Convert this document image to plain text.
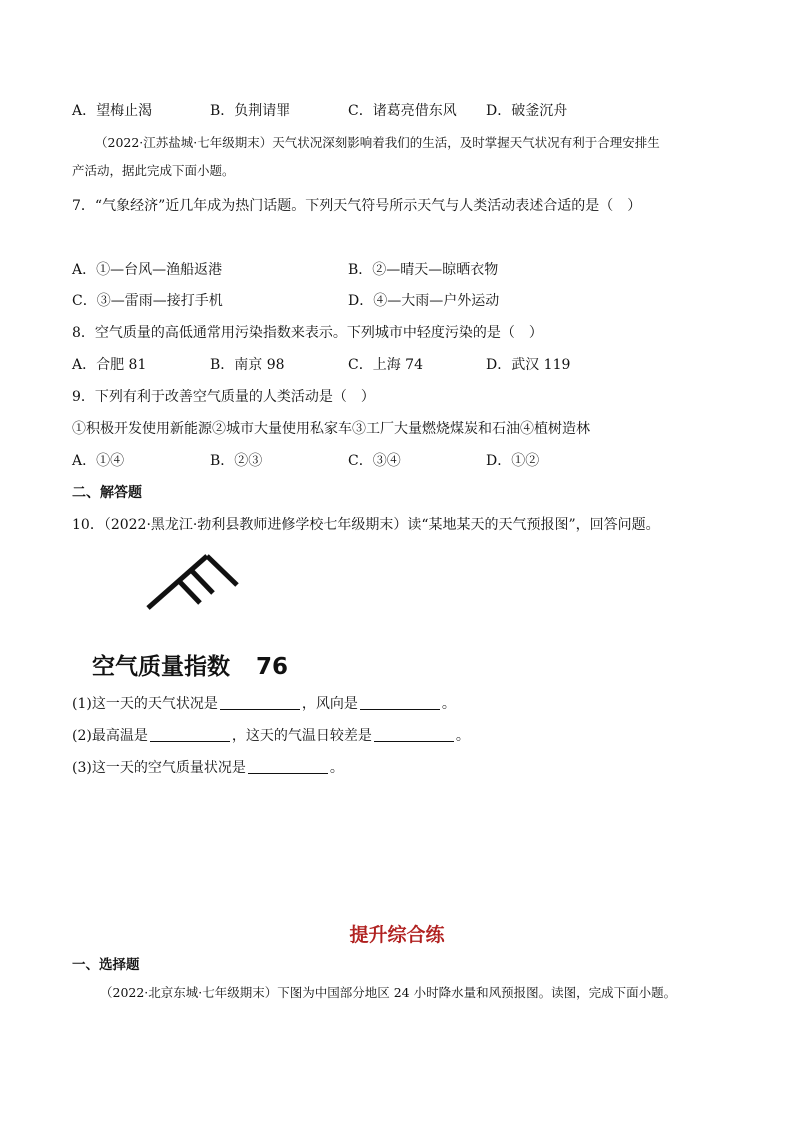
A．望梅止渴	B．负荆请罪	C．诸葛亮借东风 D．破釜沉舟
（2022·江苏盐城·七年级期末）天气状况深刻影响着我们的生活，及时掌握天气状况有利于合理安排生
产活动，据此完成下面小题。
7．“气象经济”近几年成为热门话题。下列天气符号所示天气与人类活动表述合适的是（　）
A．①—台风—渔船返港	B．②—晴天—晾晒衣物
C．③—雷雨—接打手机	D．④—大雨—户外运动
8．空气质量的高低通常用污染指数来表示。下列城市中轻度污染的是（　）
A．合肥 81	B．南京 98	C．上海 74	D．武汉 119
9．下列有利于改善空气质量的人类活动是（　）
①积极开发使用新能源②城市大量使用私家车③工厂大量燃烧煤炭和石油④植树造林
A．①④	B．②③	C．③④	D．①②
二、解答题
10．（2022·黑龙江·勃利县教师进修学校七年级期末）读“某地某天的天气预报图”，回答问题。
空气质量指数 76
(1)这一天的天气状况是	，风向是	。
(2)最高温是	，这天的气温日较差是	。
(3)这一天的空气质量状况是	。
提升综合练
一、选择题
（2022·北京东城·七年级期末）下图为中国部分地区 24 小时降水量和风预报图。读图，完成下面小题。
